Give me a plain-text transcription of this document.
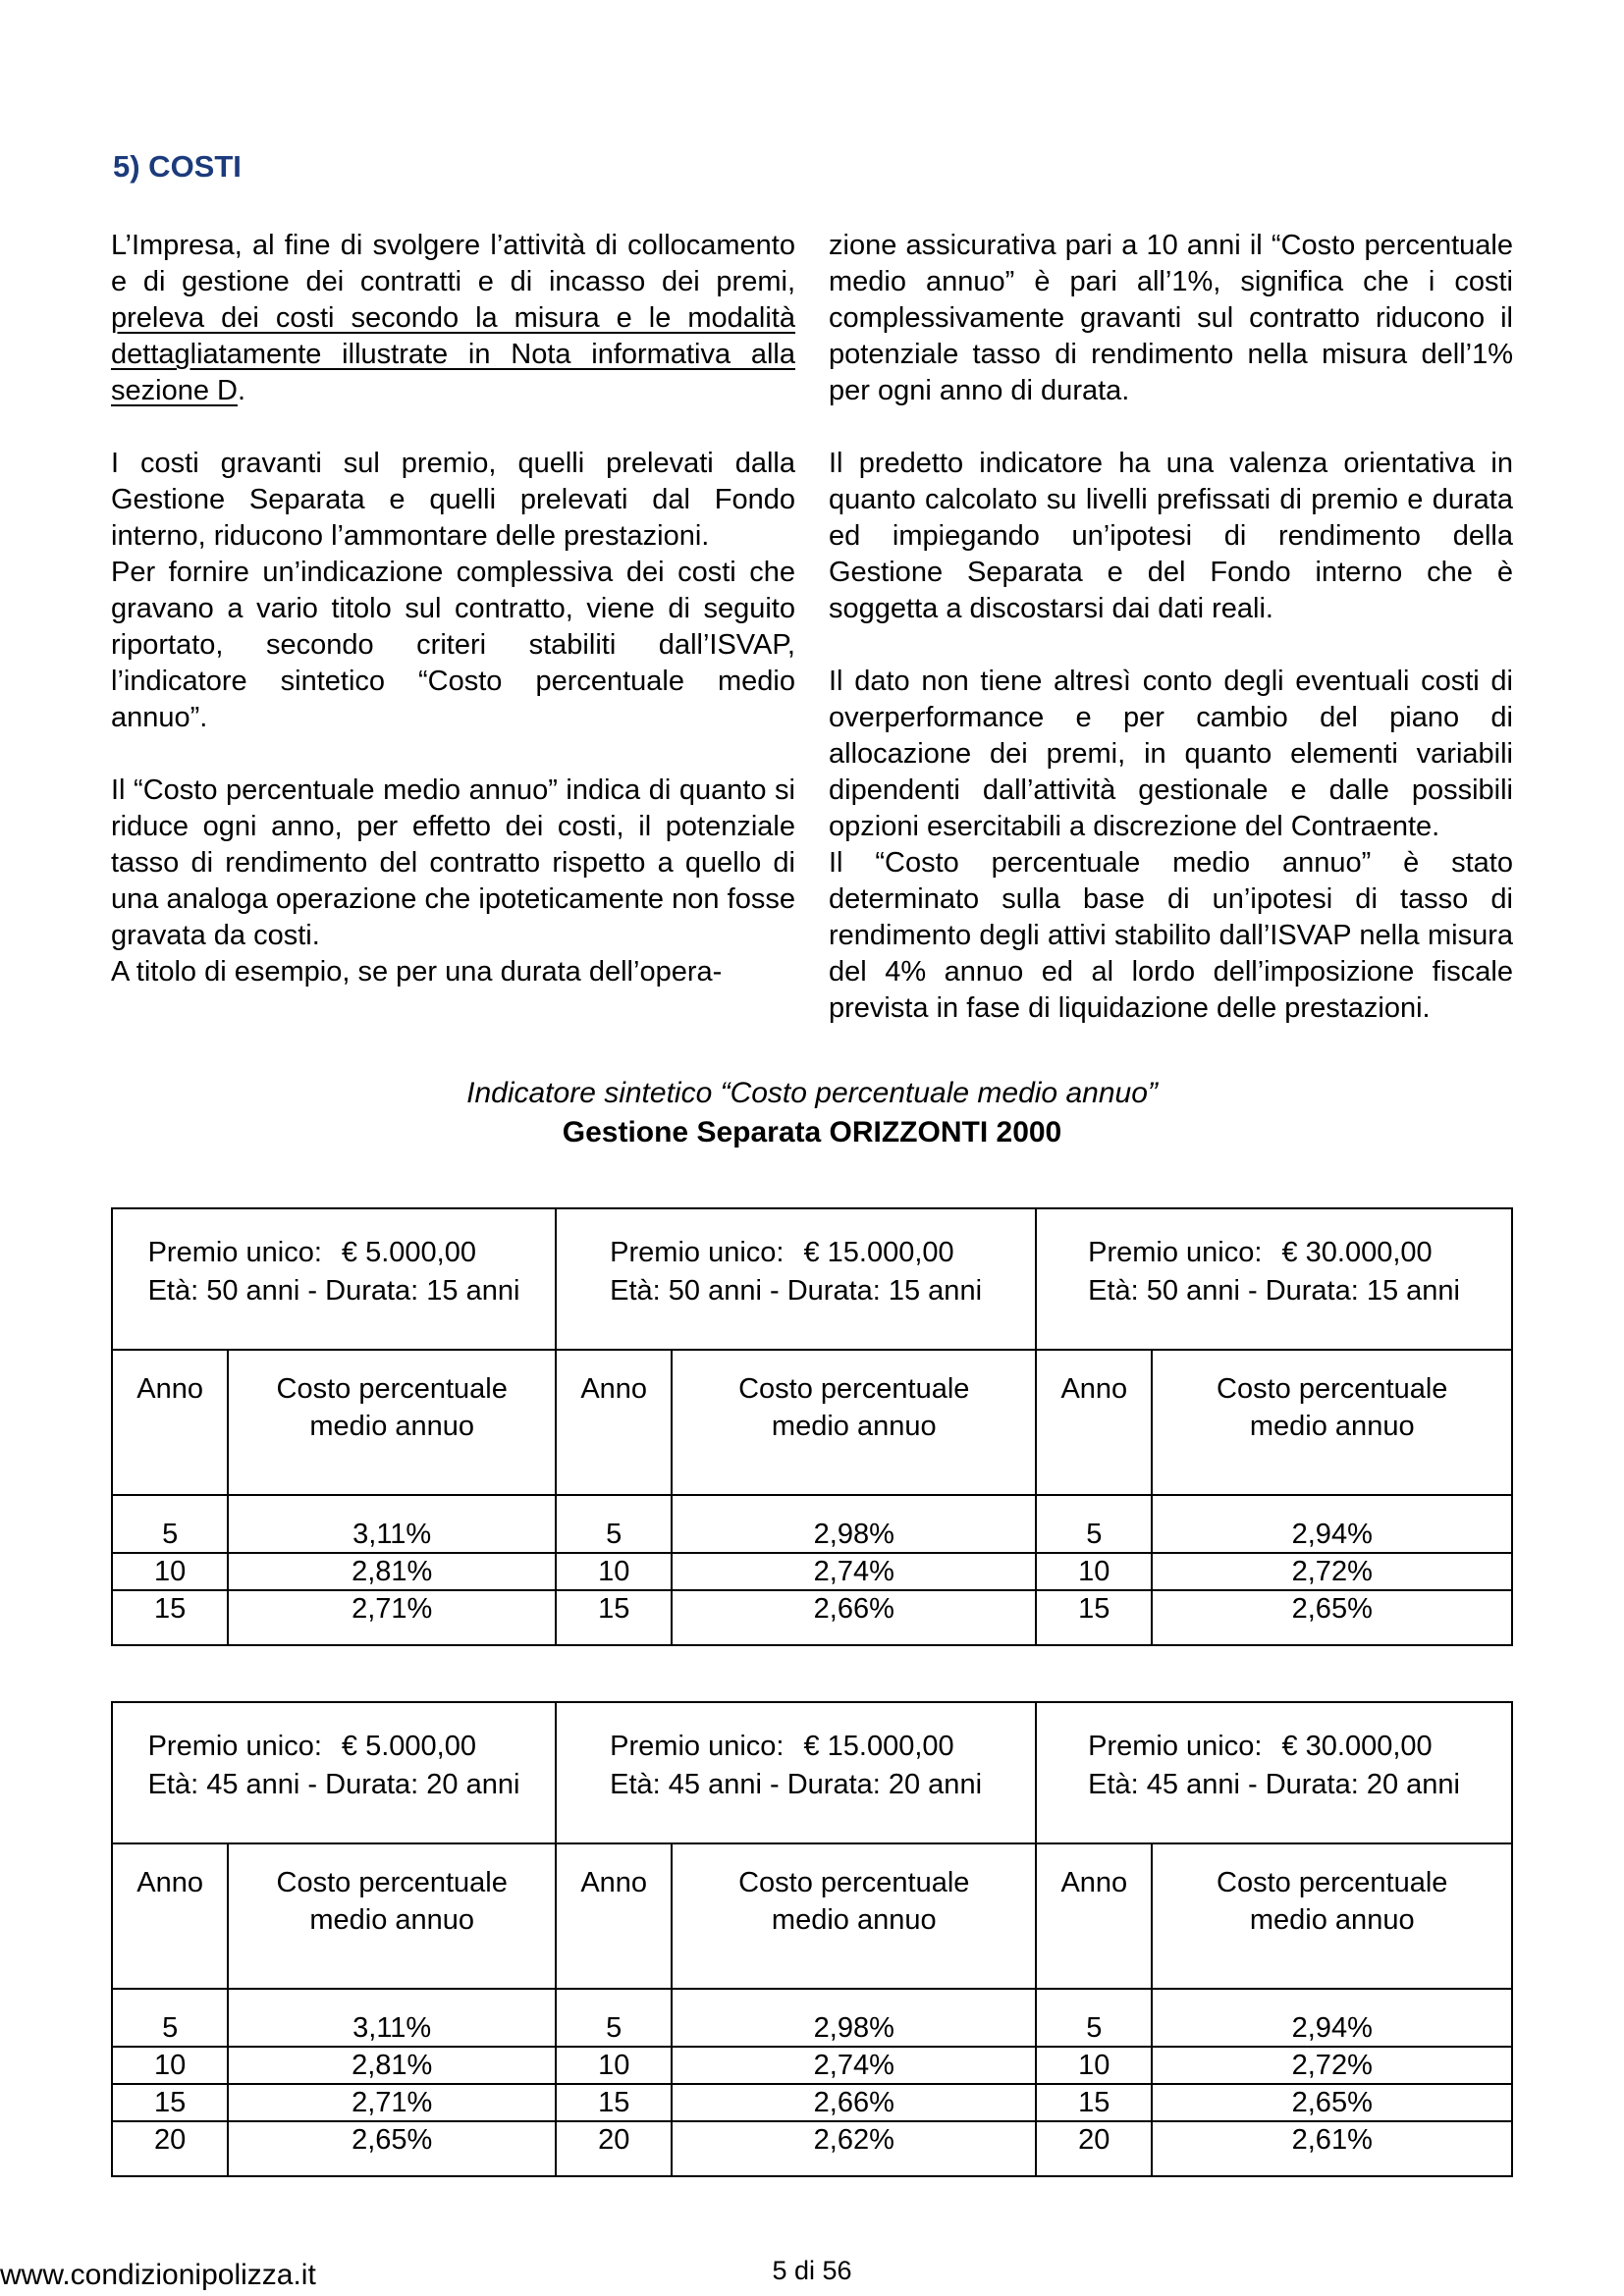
5) COSTI

L’Impresa, al fine di svolgere l’attività di collocamento e di gestione dei contratti e di incasso dei premi, preleva dei costi secondo la misura e le modalità dettagliatamente illustrate in Nota informativa alla sezione D.

I costi gravanti sul premio, quelli prelevati dalla Gestione Separata e quelli prelevati dal Fondo interno, riducono l’ammontare delle prestazioni.

Per fornire un’indicazione complessiva dei costi che gravano a vario titolo sul contratto, viene di seguito riportato, secondo criteri stabiliti dall’ISVAP, l’indicatore sintetico “Costo percentuale medio annuo”.

Il “Costo percentuale medio annuo” indica di quanto si riduce ogni anno, per effetto dei costi, il potenziale tasso di rendimento del contratto rispetto a quello di una analoga operazione che ipoteticamente non fosse gravata da costi.

A titolo di esempio, se per una durata dell’opera-

zione assicurativa pari a 10 anni il “Costo percentuale medio annuo” è pari all’1%, significa che i costi complessivamente gravanti sul contratto riducono il potenziale tasso di rendimento nella misura dell’1% per ogni anno di durata.

Il predetto indicatore ha una valenza orientativa in quanto calcolato su livelli prefissati di premio e durata ed impiegando un’ipotesi di rendimento della Gestione Separata e del Fondo interno che è soggetta a discostarsi dai dati reali.

Il dato non tiene altresì conto degli eventuali costi di overperformance e per cambio del piano di allocazione dei premi, in quanto elementi variabili dipendenti dall’attività gestionale e dalle possibili opzioni esercitabili a discrezione del Contraente.

Il “Costo percentuale medio annuo” è stato determinato sulla base di un’ipotesi di tasso di rendimento degli attivi stabilito dall’ISVAP nella misura del 4% annuo ed al lordo dell’imposizione fiscale prevista in fase di liquidazione delle prestazioni.

Indicatore sintetico “Costo percentuale medio annuo”
Gestione Separata ORIZZONTI 2000
Premio unico: € 5.000,00
Età: 50 anni - Durata: 15 anni

Premio unico: € 15.000,00
Età: 50 anni - Durata: 15 anni

Premio unico: € 30.000,00
Età: 50 anni - Durata: 15 anni

Anno	Costo percentuale medio annuo	Anno	Costo percentuale medio annuo	Anno	Costo percentuale medio annuo

5	3,11%	5	2,98%	5	2,94%
10	2,81%	10	2,74%	10	2,72%
15	2,71%	15	2,66%	15	2,65%
Premio unico: € 5.000,00
Età: 45 anni - Durata: 20 anni

Premio unico: € 15.000,00
Età: 45 anni - Durata: 20 anni

Premio unico: € 30.000,00
Età: 45 anni - Durata: 20 anni

Anno	Costo percentuale medio annuo	Anno	Costo percentuale medio annuo	Anno	Costo percentuale medio annuo

5	3,11%	5	2,98%	5	2,94%
10	2,81%	10	2,74%	10	2,72%
15	2,71%	15	2,66%	15	2,65%
20	2,65%	20	2,62%	20	2,61%
5 di 56
www.condizionipolizza.it
